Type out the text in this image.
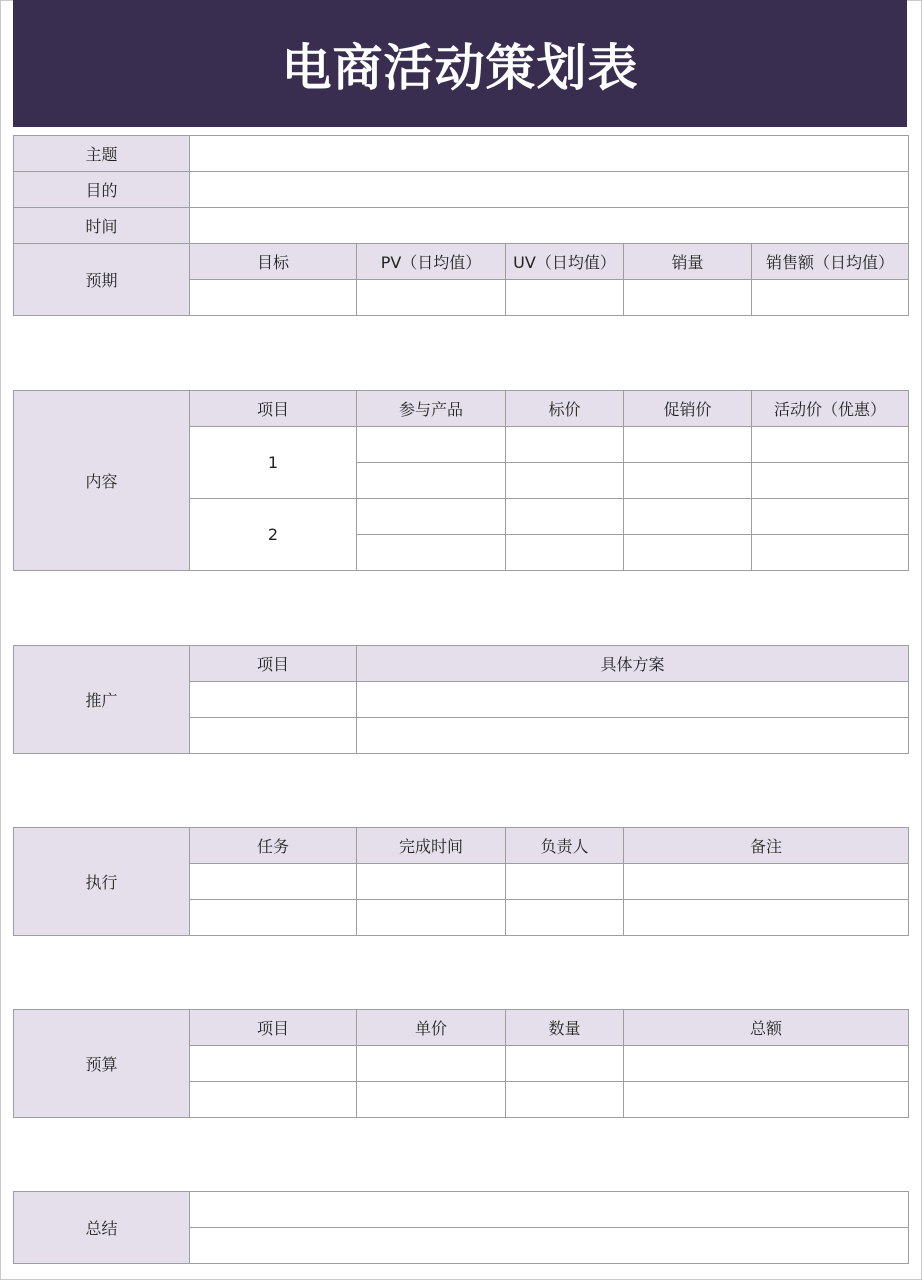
电商活动策划表
主题					
目的					
时间					
预期	目标	PV（日均值）	UV（日均值）	销量	销售额（日均值）

内容	项目	参与产品	标价	促销价	活动价（优惠）
	1				

	2				

推广	项目	具体方案

执行	任务	完成时间	负责人	备注

预算	项目	单价	数量	总额

总结	
